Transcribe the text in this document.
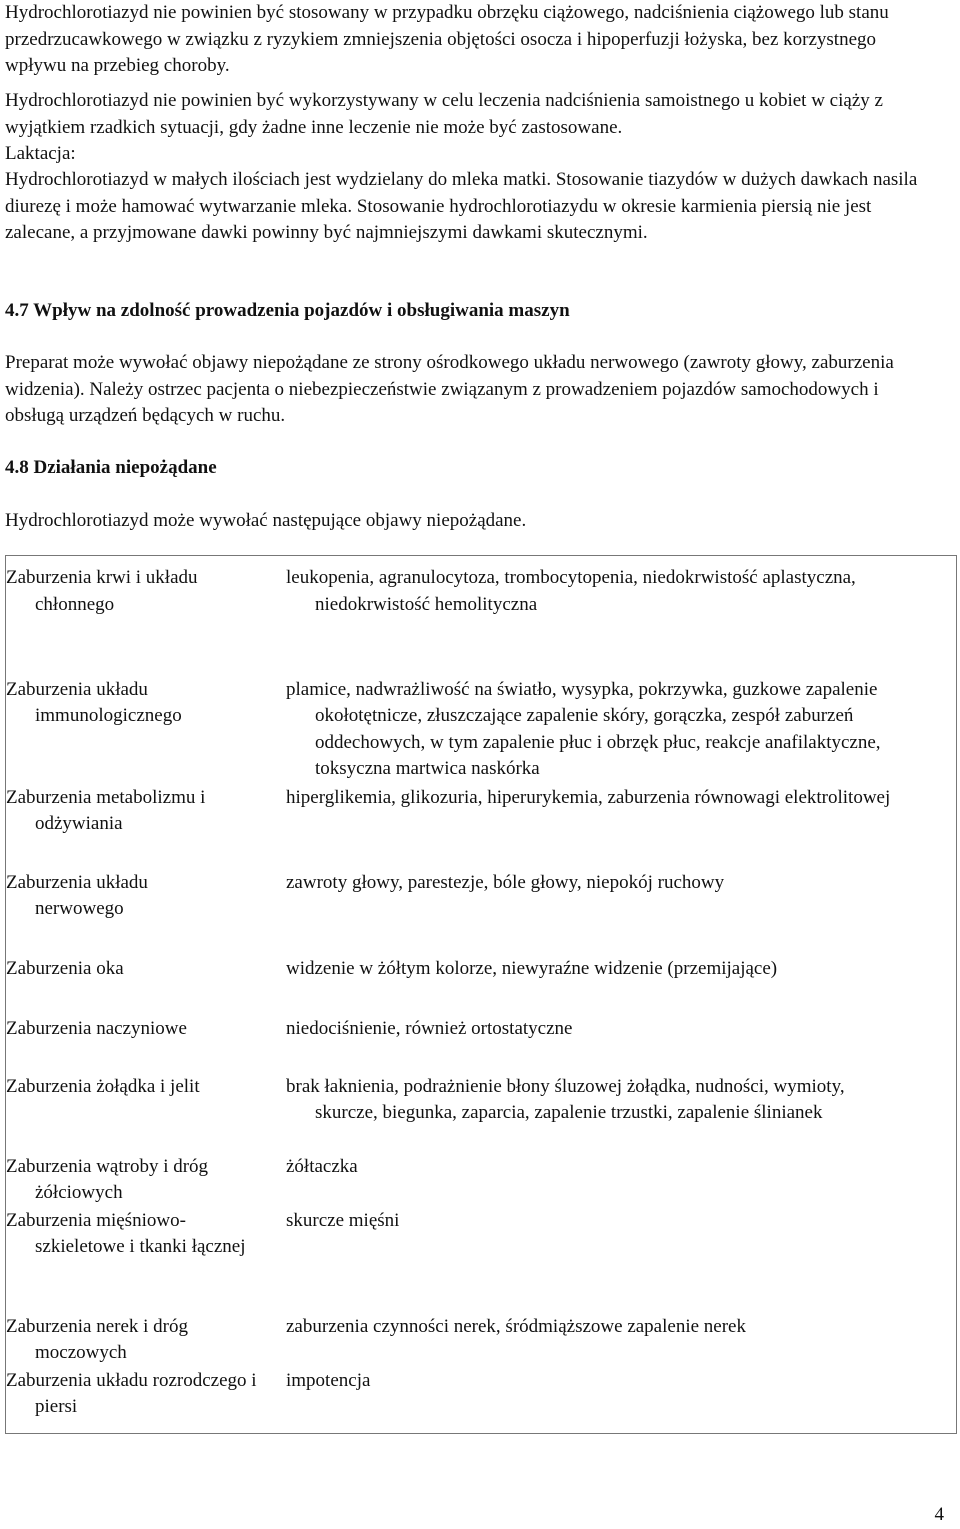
Hydrochlorotiazyd nie powinien być stosowany w przypadku obrzęku ciążowego, nadciśnienia ciążowego lub stanu przedrzucawkowego w związku z ryzykiem zmniejszenia objętości osocza i hipoperfuzji łożyska, bez korzystnego wpływu na przebieg choroby.

Hydrochlorotiazyd nie powinien być wykorzystywany w celu leczenia nadciśnienia samoistnego u kobiet w ciąży z wyjątkiem rzadkich sytuacji, gdy żadne inne leczenie nie może być zastosowane.

Laktacja:

Hydrochlorotiazyd w małych ilościach jest wydzielany do mleka matki. Stosowanie tiazydów w dużych dawkach nasila diurezę i może hamować wytwarzanie mleka. Stosowanie hydrochlorotiazydu w okresie karmienia piersią nie jest zalecane, a przyjmowane dawki powinny być najmniejszymi dawkami skutecznymi.

4.7 Wpływ na zdolność prowadzenia pojazdów i obsługiwania maszyn

Preparat może wywołać objawy niepożądane ze strony ośrodkowego układu nerwowego (zawroty głowy, zaburzenia widzenia). Należy ostrzec pacjenta o niebezpieczeństwie związanym z prowadzeniem pojazdów samochodowych i obsługą urządzeń będących w ruchu.

4.8 Działania niepożądane

Hydrochlorotiazyd może wywołać następujące objawy niepożądane.

Zaburzenia krwi i układu chłonnego	leukopenia, agranulocytoza, trombocytopenia, niedokrwistość aplastyczna, niedokrwistość hemolityczna

Zaburzenia układu immunologicznego	plamice, nadwrażliwość na światło, wysypka, pokrzywka, guzkowe zapalenie okołotętnicze, złuszczające zapalenie skóry, gorączka, zespół zaburzeń oddechowych, w tym zapalenie płuc i obrzęk płuc, reakcje anafilaktyczne, toksyczna martwica naskórka

Zaburzenia metabolizmu i odżywiania	hiperglikemia, glikozuria, hiperurykemia, zaburzenia równowagi elektrolitowej

Zaburzenia układu nerwowego	zawroty głowy, parestezje, bóle głowy, niepokój ruchowy

Zaburzenia oka	widzenie w żółtym kolorze, niewyraźne widzenie (przemijające)

Zaburzenia naczyniowe	niedociśnienie, również ortostatyczne

Zaburzenia żołądka i jelit	brak łaknienia, podrażnienie błony śluzowej żołądka, nudności, wymioty, skurcze, biegunka, zaparcia, zapalenie trzustki, zapalenie ślinianek

Zaburzenia wątroby i dróg żółciowych	żółtaczka

Zaburzenia mięśniowo-szkieletowe i tkanki łącznej	skurcze mięśni

Zaburzenia nerek i dróg moczowych	zaburzenia czynności nerek, śródmiąższowe zapalenie nerek

Zaburzenia układu rozrodczego i piersi	impotencja
4
